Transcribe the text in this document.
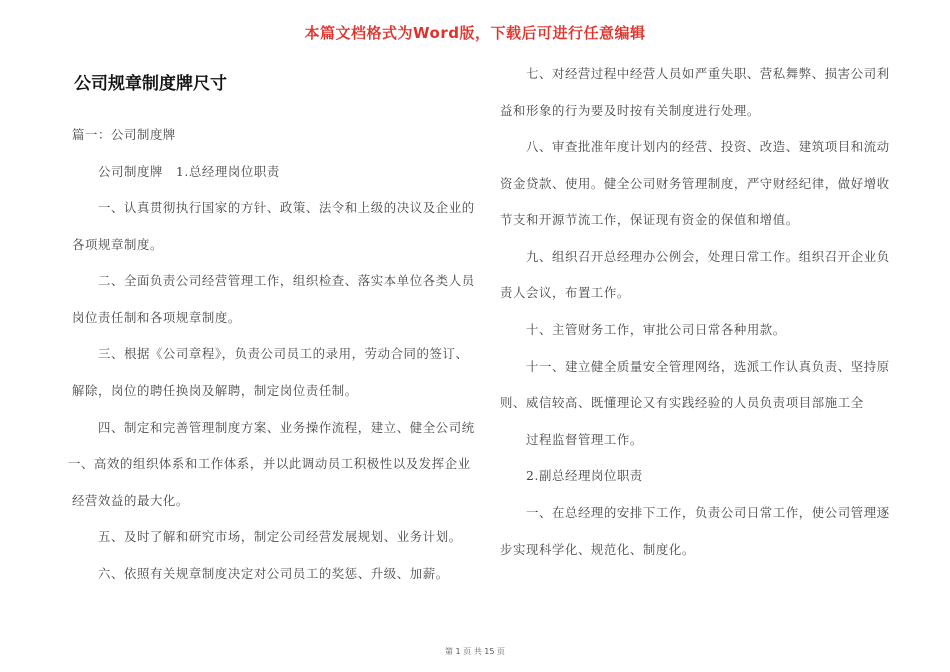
本篇文档格式为Word版，下载后可进行任意编辑
公司规章制度牌尺寸
篇一：公司制度牌
　　公司制度牌　1.总经理岗位职责
　　一、认真贯彻执行国家的方针、政策、法令和上级的决议及企业的
各项规章制度。
　　二、全面负责公司经营管理工作，组织检查、落实本单位各类人员
岗位责任制和各项规章制度。
　　三、根据《公司章程》，负责公司员工的录用，劳动合同的签订、
解除，岗位的聘任换岗及解聘，制定岗位责任制。
　　四、制定和完善管理制度方案、业务操作流程，建立、健全公司统
一、高效的组织体系和工作体系，并以此调动员工积极性以及发挥企业
经营效益的最大化。
　　五、及时了解和研究市场，制定公司经营发展规划、业务计划。
　　六、依照有关规章制度决定对公司员工的奖惩、升级、加薪。
　　七、对经营过程中经营人员如严重失职、营私舞弊、损害公司利
益和形象的行为要及时按有关制度进行处理。
　　八、审查批准年度计划内的经营、投资、改造、建筑项目和流动
资金贷款、使用。健全公司财务管理制度，严守财经纪律，做好增收
节支和开源节流工作，保证现有资金的保值和增值。
　　九、组织召开总经理办公例会，处理日常工作。组织召开企业负
责人会议，布置工作。
　　十、主管财务工作，审批公司日常各种用款。
　　十一、建立健全质量安全管理网络，选派工作认真负责、坚持原
则、威信较高、既懂理论又有实践经验的人员负责项目部施工全
　　过程监督管理工作。
　　2.副总经理岗位职责
　　一、在总经理的安排下工作，负责公司日常工作，使公司管理逐
步实现科学化、规范化、制度化。
第 1 页 共 15 页
